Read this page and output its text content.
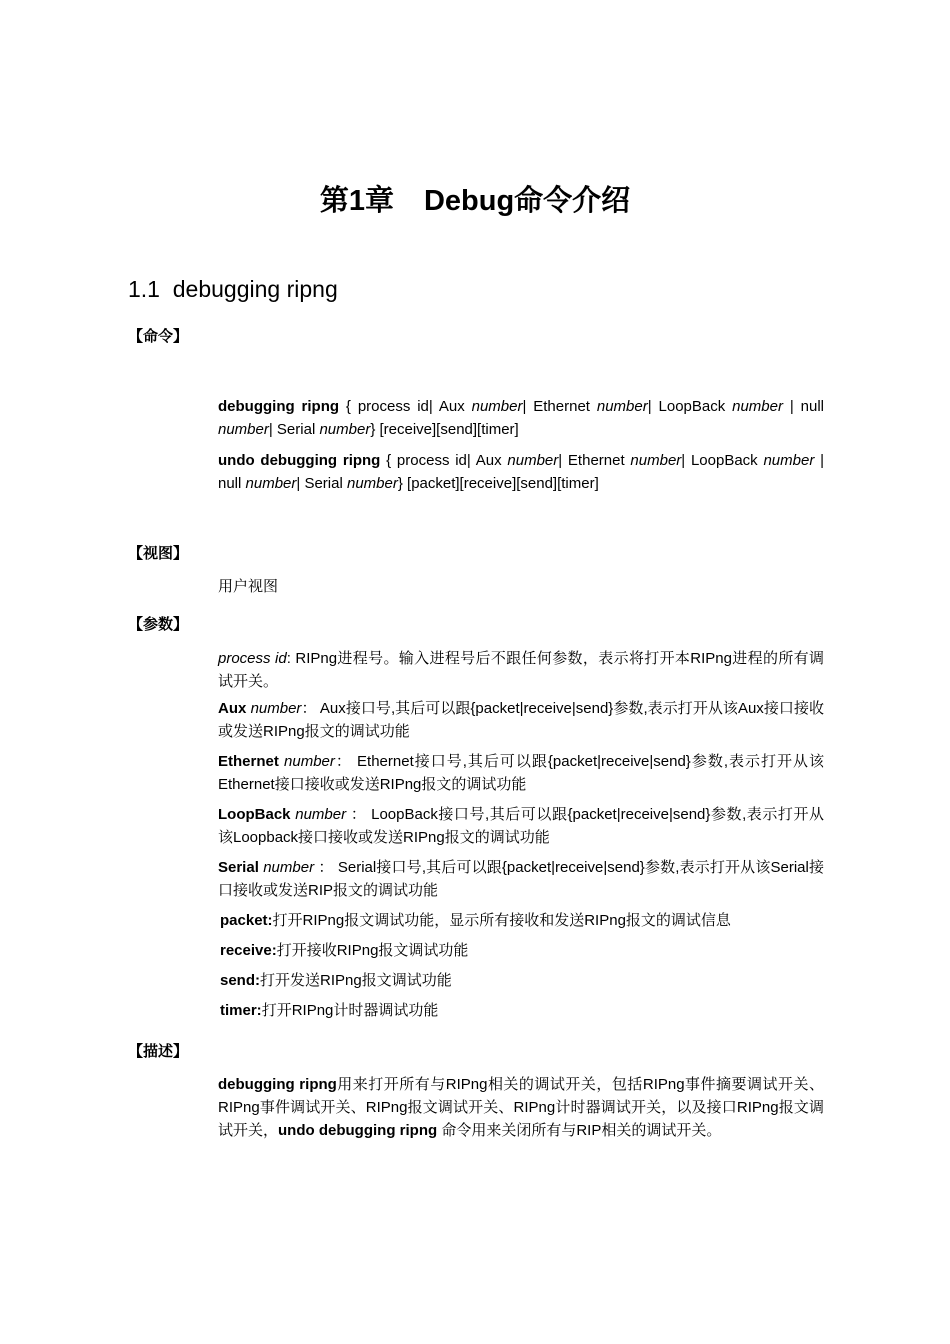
第1章 Debug命令介绍
1.1 debugging ripng
【命令】
debugging ripng { process id| Aux number| Ethernet number| LoopBack number | null number| Serial number} [receive][send][timer]
undo debugging ripng { process id| Aux number| Ethernet number| LoopBack number | null number| Serial number} [packet][receive][send][timer]
【视图】
用户视图
【参数】
process id: RIPng进程号。输入进程号后不跟任何参数，表示将打开本RIPng进程的所有调试开关。
Aux number： Aux接口号,其后可以跟{packet|receive|send}参数,表示打开从该Aux接口接收或发送RIPng报文的调试功能
Ethernet number： Ethernet接口号,其后可以跟{packet|receive|send}参数,表示打开从该Ethernet接口接收或发送RIPng报文的调试功能
LoopBack number ： LoopBack接口号,其后可以跟{packet|receive|send}参数,表示打开从该Loopback接口接收或发送RIPng报文的调试功能
Serial number ： Serial接口号,其后可以跟{packet|receive|send}参数,表示打开从该Serial接口接收或发送RIP报文的调试功能
packet:打开RIPng报文调试功能，显示所有接收和发送RIPng报文的调试信息
receive:打开接收RIPng报文调试功能
send:打开发送RIPng报文调试功能
timer:打开RIPng计时器调试功能
【描述】
debugging ripng用来打开所有与RIPng相关的调试开关，包括RIPng事件摘要调试开关、RIPng事件调试开关、RIPng报文调试开关、RIPng计时器调试开关，以及接口RIPng报文调试开关，undo debugging ripng 命令用来关闭所有与RIP相关的调试开关。
